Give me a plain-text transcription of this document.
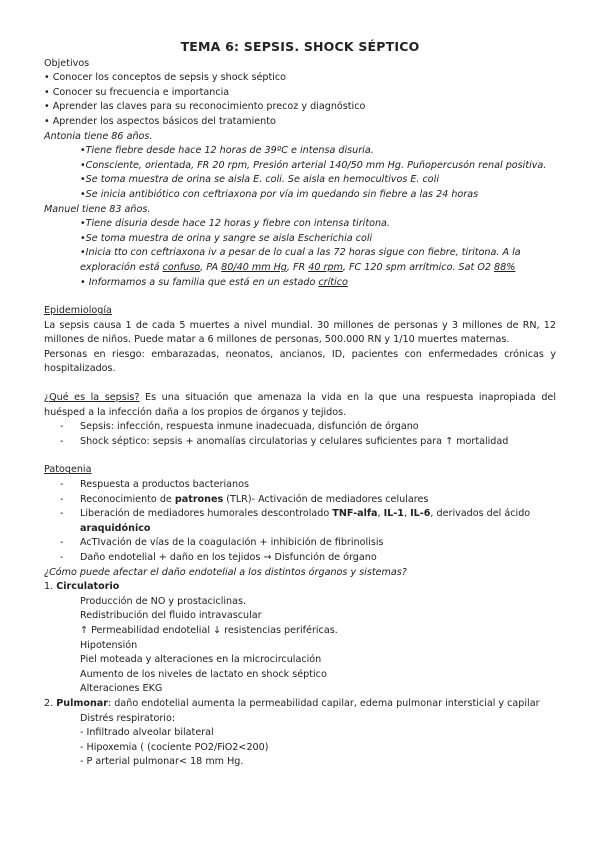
TEMA 6: SEPSIS. SHOCK SÉPTICO
Objetivos
• Conocer los conceptos de sepsis y shock séptico
• Conocer su frecuencia e importancia
• Aprender las claves para su reconocimiento precoz y diagnóstico
• Aprender los aspectos básicos del tratamiento
Antonia tiene 86 años.
•Tiene fiebre desde hace 12 horas de 39ºC e intensa disuria.
•Consciente, orientada, FR 20 rpm, Presión arterial 140/50 mm Hg. Puñopercusón renal positiva.
•Se toma muestra de orina se aisla E. coli. Se aisla en hemocultivos E. coli
•Se inicia antibiótico con ceftriaxona por vía im quedando sin fiebre a las 24 horas
Manuel tiene 83 años.
•Tiene disuria desde hace 12 horas y fiebre con intensa tiritona.
•Se toma muestra de orina y sangre se aisla Escherichia coli
•Inicia tto con ceftriaxona iv a pesar de lo cual a las 72 horas sigue con fiebre, tiritona. A la
exploración está confuso, PA 80/40 mm Hg, FR 40 rpm, FC 120 spm arrítmico. Sat O2 88%
• Informamos a su familia que está en un estado crítico
Epidemiología
La sepsis causa 1 de cada 5 muertes a nivel mundial. 30 millones de personas y 3 millones de RN, 12 millones de niños. Puede matar a 6 millones de personas, 500.000 RN y 1/10 muertes maternas.
Personas en riesgo: embarazadas, neonatos, ancianos, ID, pacientes con enfermedades crónicas y hospitalizados.
¿Qué es la sepsis? Es una situación que amenaza la vida en la que una respuesta inapropiada del huésped a la infección daña a los propios de órganos y tejidos.
-	Sepsis: infección, respuesta inmune inadecuada, disfunción de órgano
-	Shock séptico: sepsis + anomalías circulatorias y celulares suficientes para ↑ mortalidad
Patogenia
-	Respuesta a productos bacterianos
-	Reconocimiento de patrones (TLR)- Activación de mediadores celulares
-	Liberación de mediadores humorales descontrolado TNF-alfa, IL-1, IL-6, derivados del ácido
araquidónico
-	AcTIvación de vías de la coagulación + inhibición de fibrinolisis
-	Daño endotelial + daño en los tejidos → Disfunción de órgano
¿Cómo puede afectar el daño endotelial a los distintos órganos y sistemas?
1. Circulatorio
Producción de NO y prostaciclinas.
Redistribución del fluido intravascular
↑ Permeabilidad endotelial ↓ resistencias periféricas.
Hipotensión
Piel moteada y alteraciones en la microcirculación
Aumento de los niveles de lactato en shock séptico
Alteraciones EKG
2. Pulmonar: daño endotelial aumenta la permeabilidad capilar, edema pulmonar intersticial y capilar
Distrés respiratorio:
- Infiltrado alveolar bilateral
- Hipoxemia ( (cociente PO2/FiO2<200)
- P arterial pulmonar< 18 mm Hg.
